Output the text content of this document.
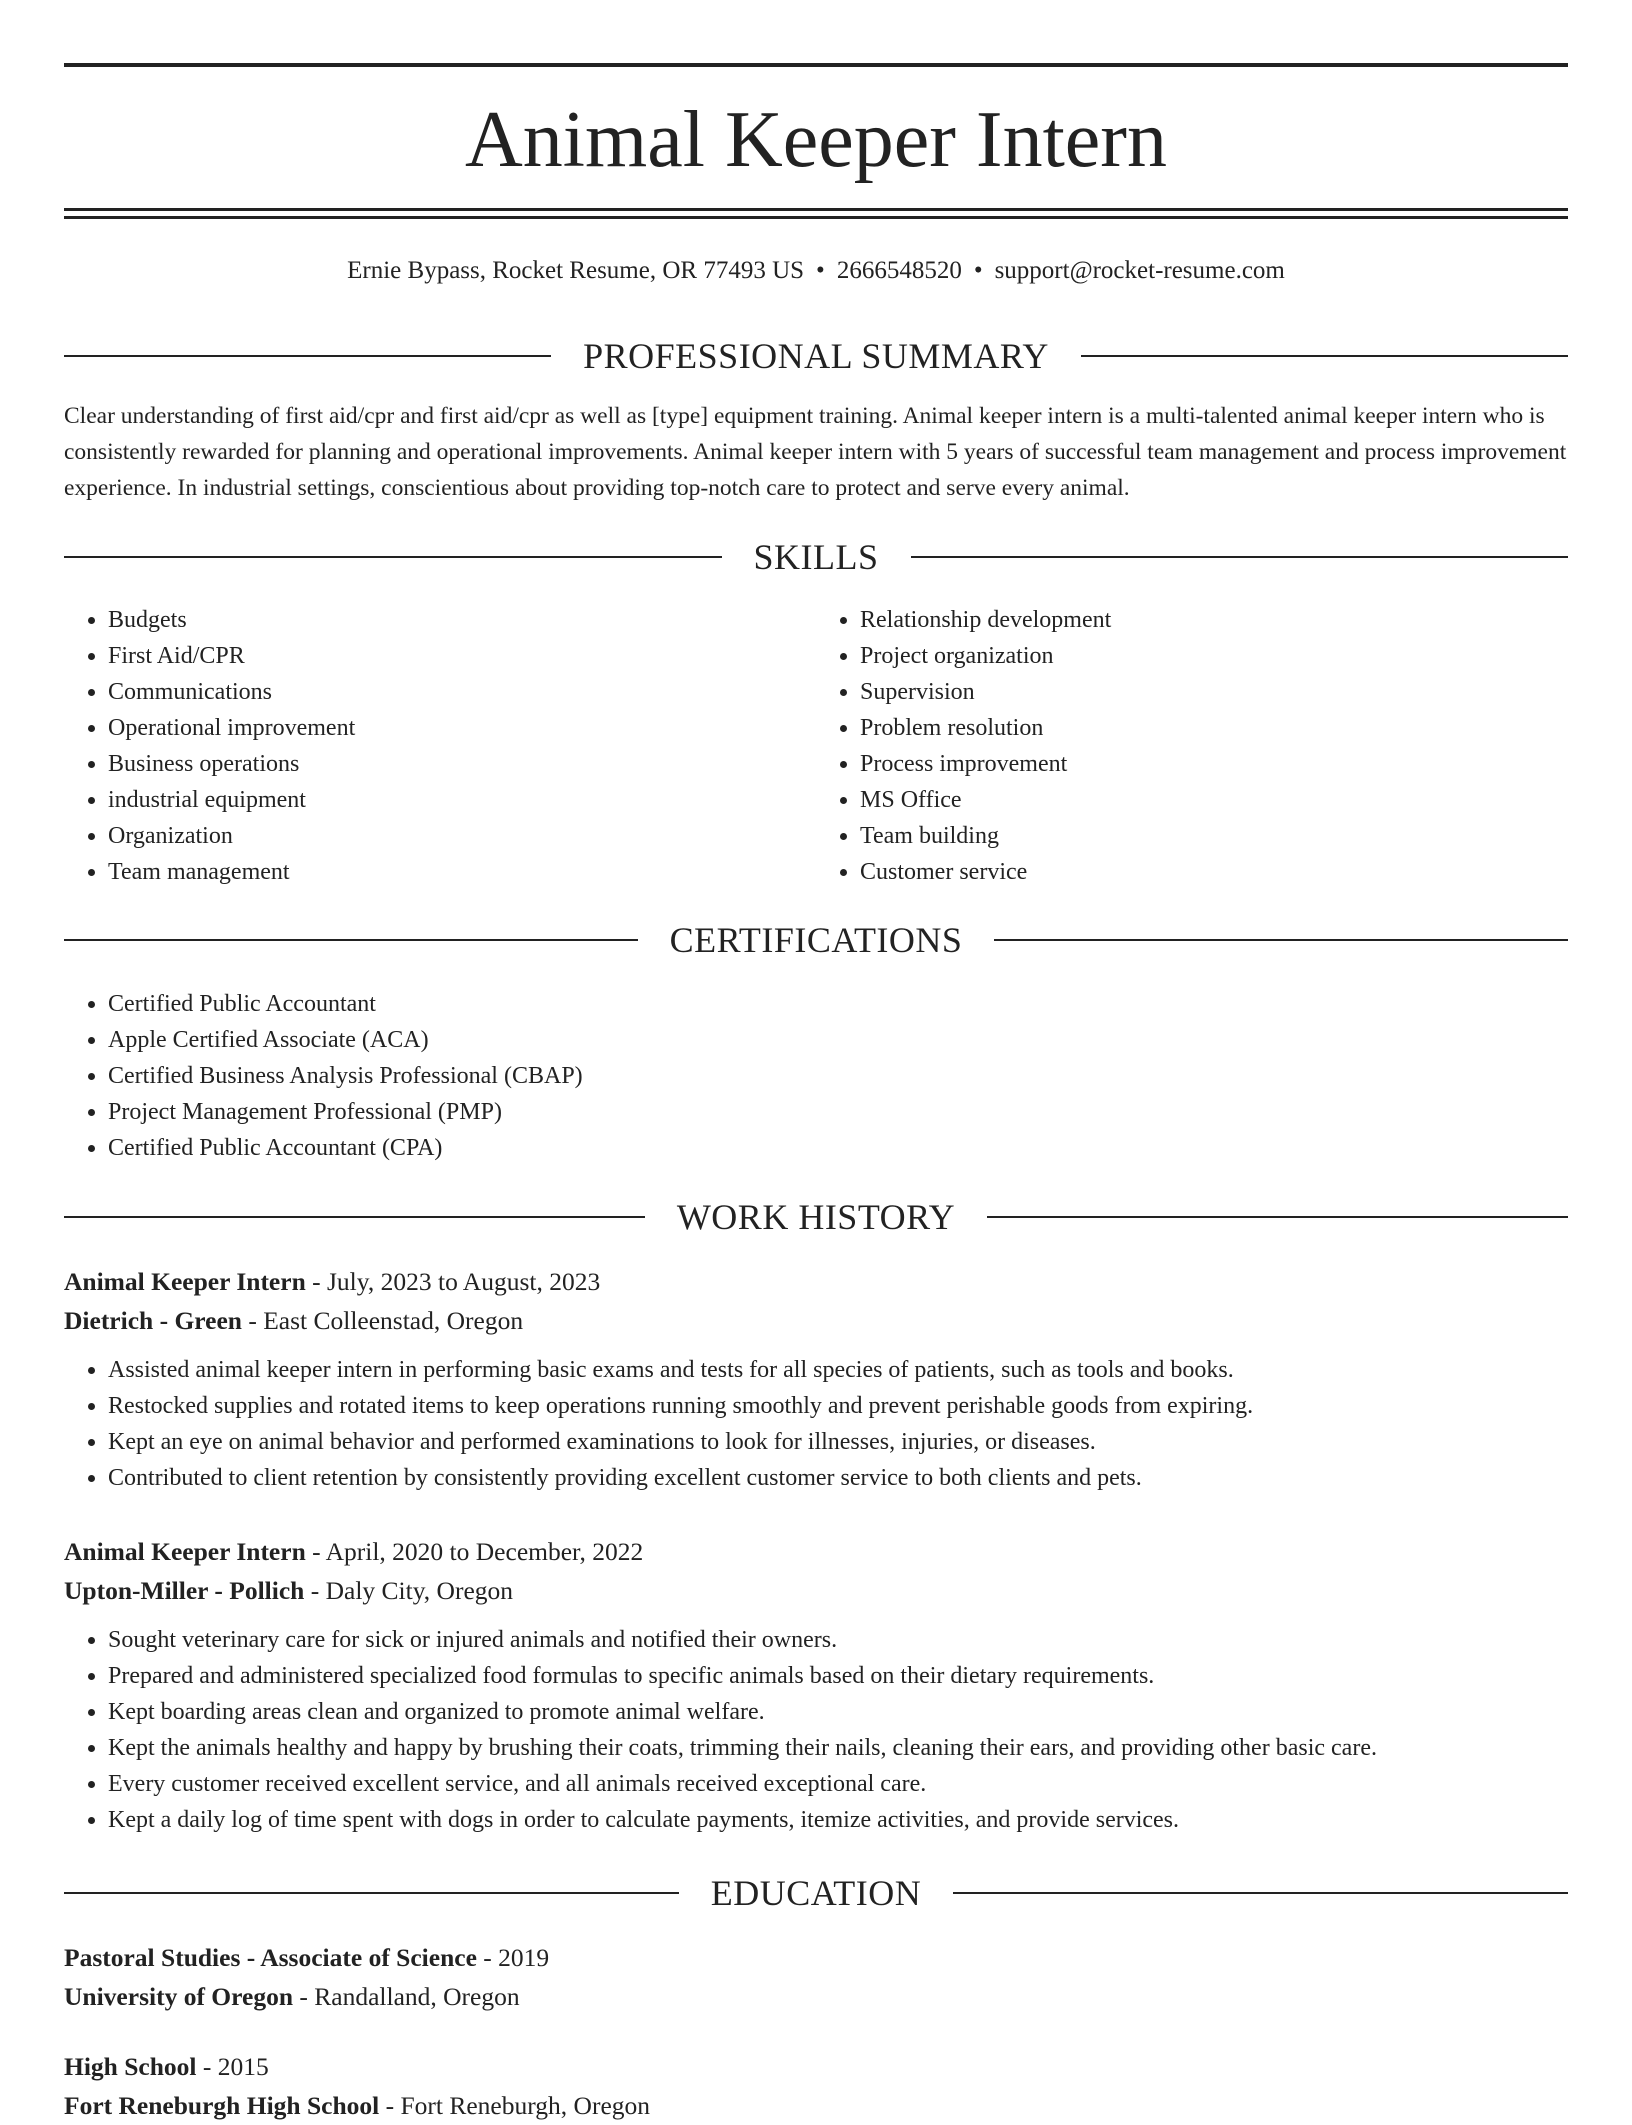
Animal Keeper Intern
Ernie Bypass, Rocket Resume, OR 77493 US • 2666548520 • support@rocket-resume.com
PROFESSIONAL SUMMARY

Clear understanding of first aid/cpr and first aid/cpr as well as [type] equipment training. Animal keeper intern is a multi-talented animal keeper intern who is consistently rewarded for planning and operational improvements. Animal keeper intern with 5 years of successful team management and process improvement experience. In industrial settings, conscientious about providing top-notch care to protect and serve every animal.

SKILLS
• Budgets
• First Aid/CPR
• Communications
• Operational improvement
• Business operations
• industrial equipment
• Organization
• Team management
• Relationship development
• Project organization
• Supervision
• Problem resolution
• Process improvement
• MS Office
• Team building
• Customer service
CERTIFICATIONS
• Certified Public Accountant
• Apple Certified Associate (ACA)
• Certified Business Analysis Professional (CBAP)
• Project Management Professional (PMP)
• Certified Public Accountant (CPA)
WORK HISTORY
Animal Keeper Intern - July, 2023 to August, 2023
Dietrich - Green - East Colleenstad, Oregon
• Assisted animal keeper intern in performing basic exams and tests for all species of patients, such as tools and books.
• Restocked supplies and rotated items to keep operations running smoothly and prevent perishable goods from expiring.
• Kept an eye on animal behavior and performed examinations to look for illnesses, injuries, or diseases.
• Contributed to client retention by consistently providing excellent customer service to both clients and pets.
Animal Keeper Intern - April, 2020 to December, 2022
Upton-Miller - Pollich - Daly City, Oregon
• Sought veterinary care for sick or injured animals and notified their owners.
• Prepared and administered specialized food formulas to specific animals based on their dietary requirements.
• Kept boarding areas clean and organized to promote animal welfare.
• Kept the animals healthy and happy by brushing their coats, trimming their nails, cleaning their ears, and providing other basic care.
• Every customer received excellent service, and all animals received exceptional care.
• Kept a daily log of time spent with dogs in order to calculate payments, itemize activities, and provide services.
EDUCATION
Pastoral Studies - Associate of Science - 2019
University of Oregon - Randalland, Oregon
High School - 2015
Fort Reneburgh High School - Fort Reneburgh, Oregon
